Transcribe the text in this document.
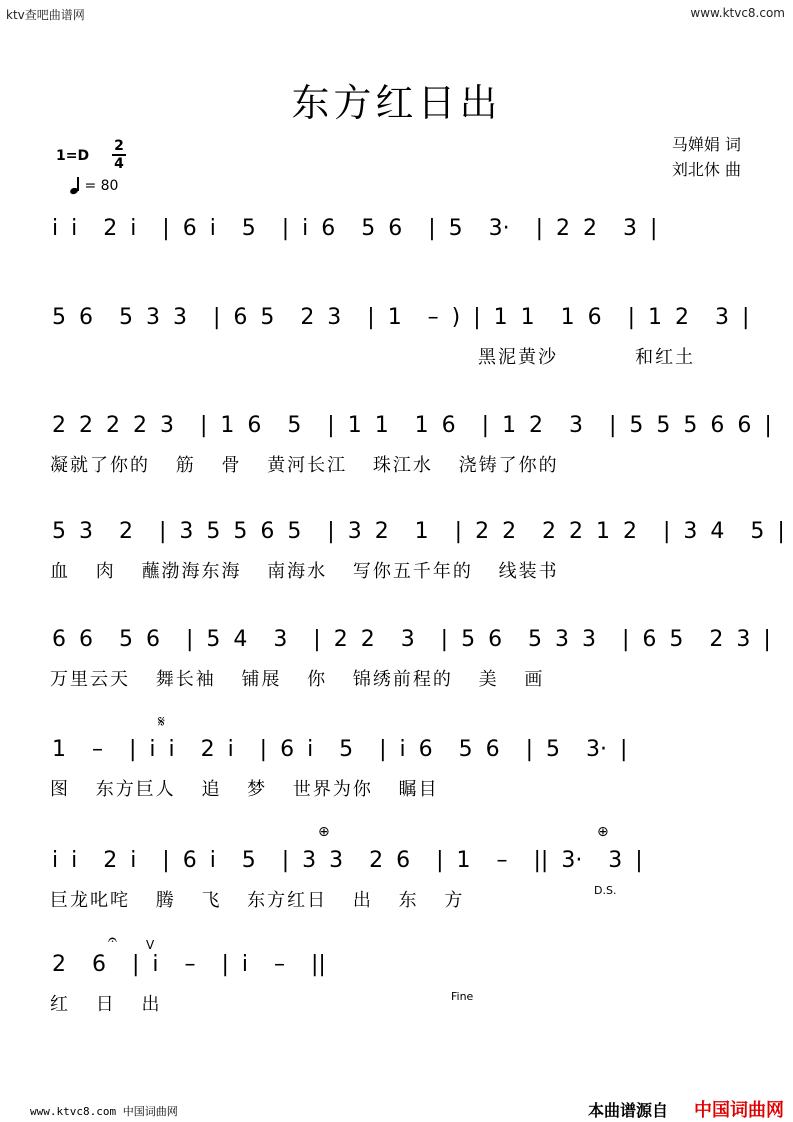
ktv查吧曲谱网	www.ktvc8.com
东方红日出
马婵娟 词
刘北休 曲
1=D
2
4
= 80
i i  2 i  | 6 i  5  | i 6  5 6  | 5  3·  | 2 2  3 |
5 6  5 3 3  | 6 5  2 3  | 1  – ) | 1 1  1 6  | 1 2  3 |
黑泥黄沙   和红土
2 2 2 2 3  | 1 6  5  | 1 1  1 6  | 1 2  3  | 5 5 5 6 6 |
凝就了你的 筋 骨 黄河长江 珠江水 浇铸了你的
5 3  2  | 3 5 5 6 5  | 3 2  1  | 2 2  2 2 1 2  | 3 4  5 |
血 肉 蘸渤海东海 南海水 写你五千年的 线装书
6 6  5 6  | 5 4  3  | 2 2  3  | 5 6  5 3 3  | 6 5  2 3 |
万里云天 舞长袖 铺展 你 锦绣前程的 美 画
1  –  | i i  2 i  | 6 i  5  | i 6  5 6  | 5  3· |
图 东方巨人 追 梦 世界为你 瞩目
i i  2 i  | 6 i  5  | 3 3  2 6  | 1  –  || 3·  3 |
巨龙叱咤 腾 飞 东方红日 出 东 方
2  6  | i  –  | i  –  ||
红 日 出
www.ktvc8.com 中国词曲网	本曲谱源自 中国词曲网
𝄋
⊕	⊕
D.S.
Fine
V
𝄐
